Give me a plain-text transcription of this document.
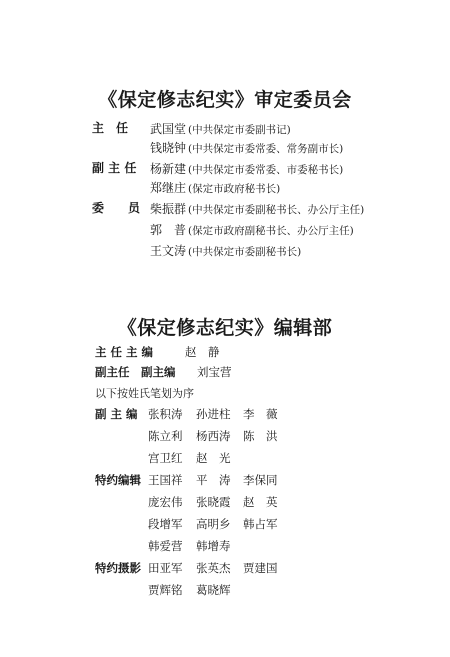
《保定修志纪实》审定委员会
主　任 武国堂 (中共保定市委副书记)
钱晓钟 (中共保定市委常委、常务副市长)
副 主 任 杨新建 (中共保定市委常委、市委秘书长)
郑继庄 (保定市政府秘书长)
委　　员 柴振群 (中共保定市委副秘书长、办公厅主任)
郭　普 (保定市政府副秘书长、办公厅主任)
王文涛 (中共保定市委副秘书长)
《保定修志纪实》编辑部
主 任 主 编	赵　静
副主任　副主编 刘宝营
以下按姓氏笔划为序
副 主 编 张积涛 孙进柱 李　薇
陈立利 杨西涛 陈　洪
宫卫红 赵　光
特约编辑 王国祥 平　涛 李保同
庞宏伟 张晓霞 赵　英
段增军 高明乡 韩占军
韩爱营 韩增寿
特约摄影 田亚军 张英杰 贾建国
贾辉铭 葛晓辉
